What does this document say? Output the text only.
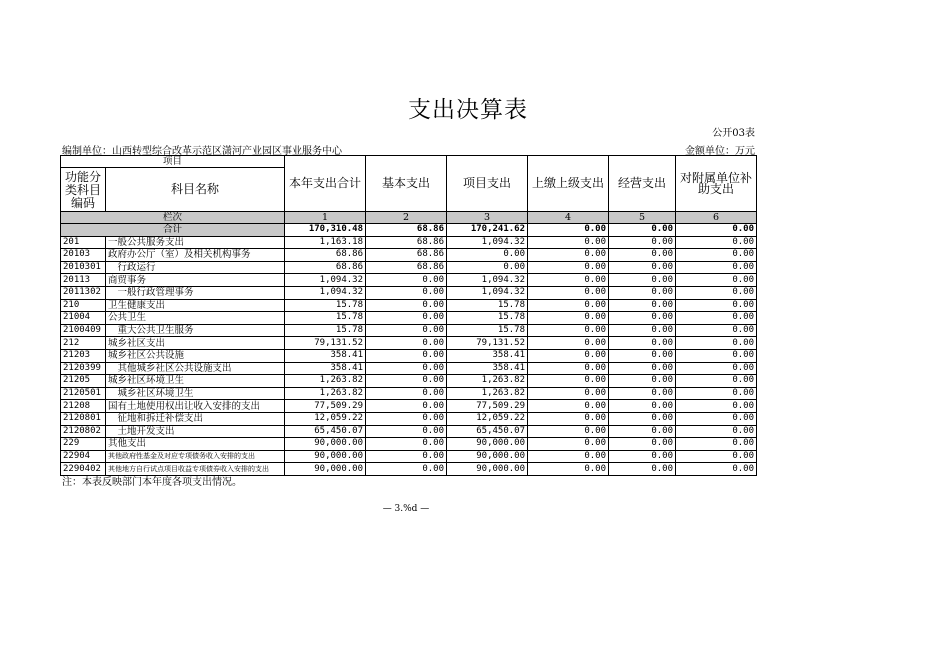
支出决算表
公开03表
编制单位：山西转型综合改革示范区潇河产业园区事业服务中心	金额单位：万元
项目		本年支出合计	基本支出	项目支出	上缴上级支出	经营支出	对附属单位补助支出
功能分类科目编码	科目名称						
栏次		1	2	3	4	5	6
合计		170,310.48	68.86	170,241.62	0.00	0.00	0.00
201	一般公共服务支出	1,163.18	68.86	1,094.32	0.00	0.00	0.00
20103	政府办公厅（室）及相关机构事务	68.86	68.86	0.00	0.00	0.00	0.00
2010301	　行政运行	68.86	68.86	0.00	0.00	0.00	0.00
20113	商贸事务	1,094.32	0.00	1,094.32	0.00	0.00	0.00
2011302	　一般行政管理事务	1,094.32	0.00	1,094.32	0.00	0.00	0.00
210	卫生健康支出	15.78	0.00	15.78	0.00	0.00	0.00
21004	公共卫生	15.78	0.00	15.78	0.00	0.00	0.00
2100409	　重大公共卫生服务	15.78	0.00	15.78	0.00	0.00	0.00
212	城乡社区支出	79,131.52	0.00	79,131.52	0.00	0.00	0.00
21203	城乡社区公共设施	358.41	0.00	358.41	0.00	0.00	0.00
2120399	　其他城乡社区公共设施支出	358.41	0.00	358.41	0.00	0.00	0.00
21205	城乡社区环境卫生	1,263.82	0.00	1,263.82	0.00	0.00	0.00
2120501	　城乡社区环境卫生	1,263.82	0.00	1,263.82	0.00	0.00	0.00
21208	国有土地使用权出让收入安排的支出	77,509.29	0.00	77,509.29	0.00	0.00	0.00
2120801	　征地和拆迁补偿支出	12,059.22	0.00	12,059.22	0.00	0.00	0.00
2120802	　土地开发支出	65,450.07	0.00	65,450.07	0.00	0.00	0.00
229	其他支出	90,000.00	0.00	90,000.00	0.00	0.00	0.00
22904	其他政府性基金及对应专项债务收入安排的支出	90,000.00	0.00	90,000.00	0.00	0.00	0.00
2290402	其他地方自行试点项目收益专项债券收入安排的支出	90,000.00	0.00	90,000.00	0.00	0.00	0.00
注：本表反映部门本年度各项支出情况。
— 3.%d —
